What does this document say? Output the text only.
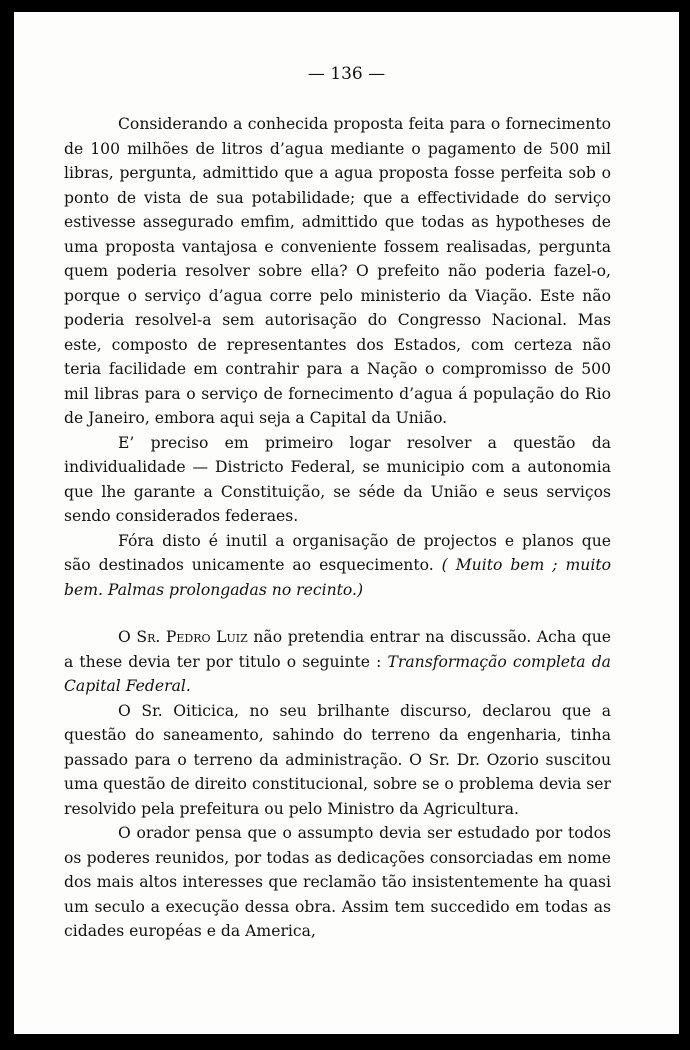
— 136 —

Considerando a conhecida proposta feita para o fornecimento de 100 milhões de litros d’agua mediante o pagamento de 500 mil libras, pergunta, admittido que a agua proposta fosse perfeita sob o ponto de vista de sua potabilidade; que a effectividade do serviço estivesse assegurado emfim, admittido que todas as hypotheses de uma proposta vantajosa e conveniente fossem realisadas, pergunta quem poderia resolver sobre ella? O prefeito não poderia fazel-o, porque o serviço d’agua corre pelo ministerio da Viação. Este não poderia resolvel-a sem autorisação do Congresso Nacional. Mas este, composto de representantes dos Estados, com certeza não teria facilidade em contrahir para a Nação o compromisso de 500 mil libras para o serviço de fornecimento d’agua á população do Rio de Janeiro, embora aqui seja a Capital da União.

E’ preciso em primeiro logar resolver a questão da individualidade — Districto Federal, se municipio com a autonomia que lhe garante a Constituição, se séde da União e seus serviços sendo considerados federaes.

Fóra disto é inutil a organisação de projectos e planos que são destinados unicamente ao esquecimento. ( Muito bem ; muito bem. Palmas prolongadas no recinto.)

O Sr. Pedro Luiz não pretendia entrar na discussão. Acha que a these devia ter por titulo o seguinte : Transformação completa da Capital Federal.

O Sr. Oiticica, no seu brilhante discurso, declarou que a questão do saneamento, sahindo do terreno da engenharia, tinha passado para o terreno da administração. O Sr. Dr. Ozorio suscitou uma questão de direito constitucional, sobre se o problema devia ser resolvido pela prefeitura ou pelo Ministro da Agricultura.

O orador pensa que o assumpto devia ser estudado por todos os poderes reunidos, por todas as dedicações consorciadas em nome dos mais altos interesses que reclamão tão insistentemente ha quasi um seculo a execução dessa obra. Assim tem succedido em todas as cidades européas e da America,
